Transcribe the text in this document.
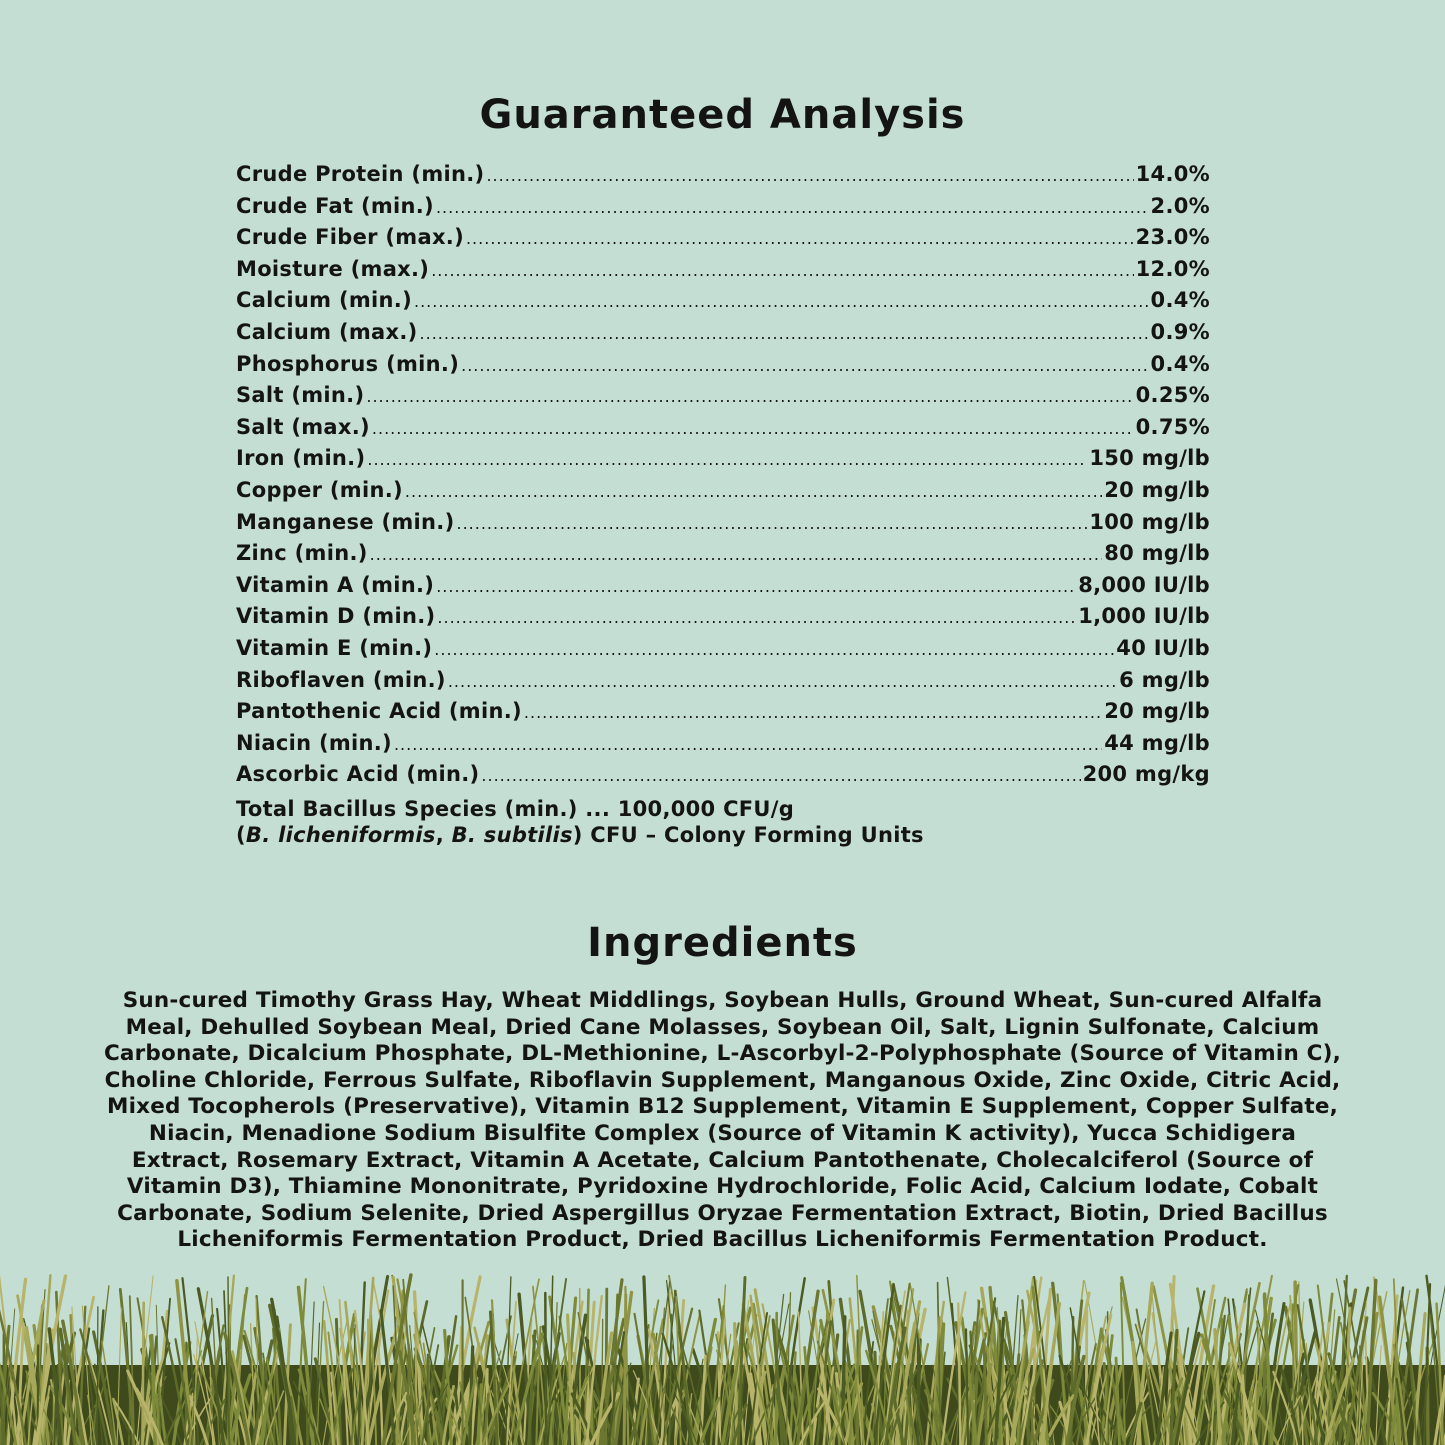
Guaranteed Analysis
Crude Protein (min.) .....	14.0%
Crude Fat (min.) .....	2.0%
Crude Fiber (max.) .....	23.0%
Moisture (max.) .....	12.0%
Calcium (min.) .....	0.4%
Calcium (max.) .....	0.9%
Phosphorus (min.) .....	0.4%
Salt (min.) .....	0.25%
Salt (max.) .....	0.75%
Iron (min.) .....	150 mg/lb
Copper (min.) .....	20 mg/lb
Manganese (min.) .....	100 mg/lb
Zinc (min.) .....	80 mg/lb
Vitamin A (min.) .....	8,000 IU/lb
Vitamin D (min.) .....	1,000 IU/lb
Vitamin E (min.) .....	40 IU/lb
Riboflaven (min.) .....	6 mg/lb
Pantothenic Acid (min.) .....	20 mg/lb
Niacin (min.) .....	44 mg/lb
Ascorbic Acid (min.) .....	200 mg/kg
Total Bacillus Species (min.) ... 100,000 CFU/g
(B. licheniformis, B. subtilis) CFU – Colony Forming Units
Ingredients
Sun-cured Timothy Grass Hay, Wheat Middlings, Soybean Hulls, Ground Wheat, Sun-cured Alfalfa Meal, Dehulled Soybean Meal, Dried Cane Molasses, Soybean Oil, Salt, Lignin Sulfonate, Calcium Carbonate, Dicalcium Phosphate, DL-Methionine, L-Ascorbyl-2-Polyphosphate (Source of Vitamin C), Choline Chloride, Ferrous Sulfate, Riboflavin Supplement, Manganous Oxide, Zinc Oxide, Citric Acid, Mixed Tocopherols (Preservative), Vitamin B12 Supplement, Vitamin E Supplement, Copper Sulfate, Niacin, Menadione Sodium Bisulfite Complex (Source of Vitamin K activity), Yucca Schidigera Extract, Rosemary Extract, Vitamin A Acetate, Calcium Pantothenate, Cholecalciferol (Source of Vitamin D3), Thiamine Mononitrate, Pyridoxine Hydrochloride, Folic Acid, Calcium Iodate, Cobalt Carbonate, Sodium Selenite, Dried Aspergillus Oryzae Fermentation Extract, Biotin, Dried Bacillus Licheniformis Fermentation Product, Dried Bacillus Licheniformis Fermentation Product.
